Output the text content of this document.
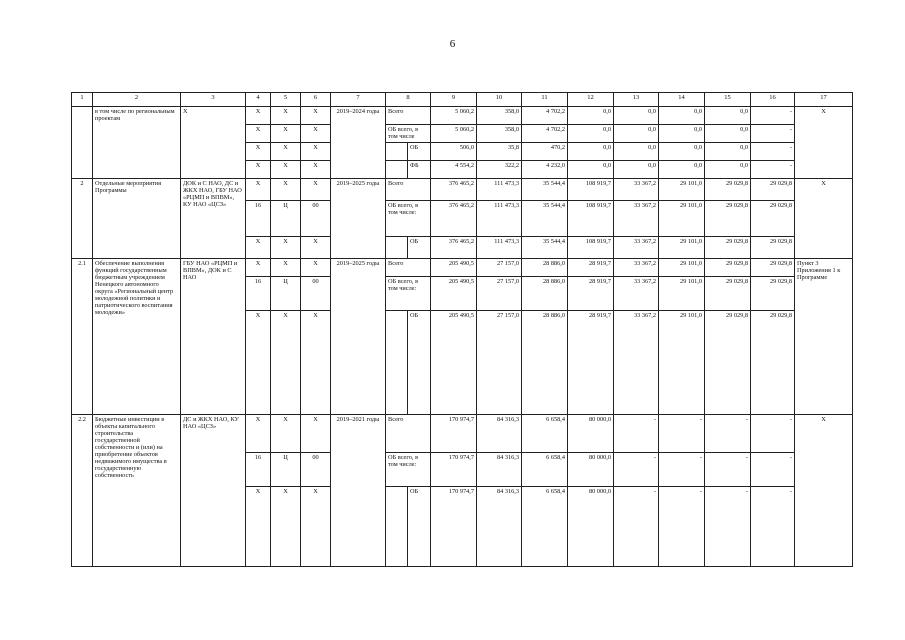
6
1	2	3	4	5	6	7	8		9	10	11	12	13	14	15	16	17
	в том числе по региональным проектам	Х	Х	Х	Х	2019–2024 годы	Всего		5 060,2	358,0	4 702,2	0,0	0,0	0,0	0,0	-	Х
			Х	Х	Х		ОБ всего, в том числе		5 060,2	358,0	4 702,2	0,0	0,0	0,0	0,0	-	
			Х	Х	Х			ОБ	506,0	35,8	470,2	0,0	0,0	0,0	0,0	-	
			Х	Х	Х			ФБ	4 554,2	322,2	4 232,0	0,0	0,0	0,0	0,0	-	
2	Отдельные мероприятия Программы	ДОК и С НАО, ДС и ЖКХ НАО, ГБУ НАО «РЦМП и ВПВМ», КУ НАО «ЦСЗ»	Х	Х	Х	2019–2025 годы	Всего		376 465,2	111 473,3	35 544,4	108 919,7	33 367,2	29 101,0	29 029,8	29 029,8	Х
			16	Ц	00		ОБ всего, в том числе:		376 465,2	111 473,3	35 544,4	108 919,7	33 367,2	29 101,0	29 029,8	29 029,8	
			Х	Х	Х			ОБ	376 465,2	111 473,3	35 544,4	108 919,7	33 367,2	29 101,0	29 029,8	29 029,8	
2.1	Обеспечение выполнения функций государственным бюджетным учреждением Ненецкого автономного округа «Региональный центр молодежной политики и патриотического воспитания молодежи»	ГБУ НАО «РЦМП и ВПВМ», ДОК и С НАО	Х	Х	Х	2019–2025 годы	Всего		205 490,5	27 157,0	28 886,0	28 919,7	33 367,2	29 101,0	29 029,8	29 029,8	Пункт 3 Приложения 1 к Программе
			16	Ц	00		ОБ всего, в том числе:		205 490,5	27 157,0	28 886,0	28 919,7	33 367,2	29 101,0	29 029,8	29 029,8	
			Х	Х	Х			ОБ	205 490,5	27 157,0	28 886,0	28 919,7	33 367,2	29 101,0	29 029,8	29 029,8	
2.2	Бюджетные инвестиции в объекты капитального строительства государственной собственности и (или) на приобретение объектов недвижимого имущества в государственную собственность	ДС и ЖКХ НАО, КУ НАО «ЦСЗ»	Х	Х	Х	2019–2021 годы	Всего		170 974,7	84 316,3	6 658,4	80 000,0	-	-	-	-	Х
			16	Ц	00		ОБ всего, в том числе:		170 974,7	84 316,3	6 658,4	80 000,0	-	-	-	-	
			Х	Х	Х			ОБ	170 974,7	84 316,3	6 658,4	80 000,0	-	-	-	-	
